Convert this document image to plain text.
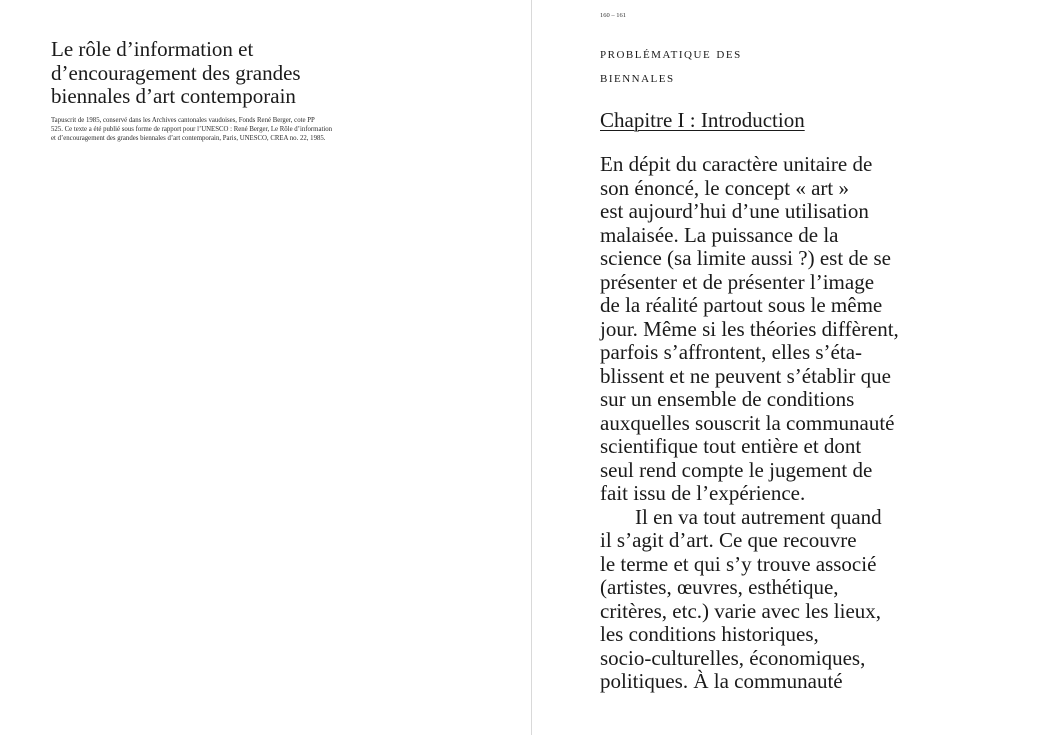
Le rôle d’information et
d’encouragement des grandes
biennales d’art contemporain

Tapuscrit de 1985, conservé dans les Archives cantonales vaudoises, Fonds René Berger, cote PP
525. Ce texte a été publié sous forme de rapport pour l’UNESCO : René Berger, Le Rôle d’information
et d’encouragement des grandes biennales d’art contemporain, Paris, UNESCO, CREA no. 22, 1985.

160 – 161
problématique des
biennales
Chapitre I : Introduction
En dépit du caractère unitaire de
son énoncé, le concept « art »
est aujourd’hui d’une utilisation
malaisée. La puissance de la
science (sa limite aussi ?) est de se
présenter et de présenter l’image
de la réalité partout sous le même
jour. Même si les théories diffèrent,
parfois s’affrontent, elles s’éta-
blissent et ne peuvent s’établir que
sur un ensemble de conditions
auxquelles souscrit la communauté
scientifique tout entière et dont
seul rend compte le jugement de
fait issu de l’expérience.
Il en va tout autrement quand
il s’agit d’art. Ce que recouvre
le terme et qui s’y trouve associé
(artistes, œuvres, esthétique,
critères, etc.) varie avec les lieux,
les conditions historiques,
socio-culturelles, économiques,
politiques. À la communauté
